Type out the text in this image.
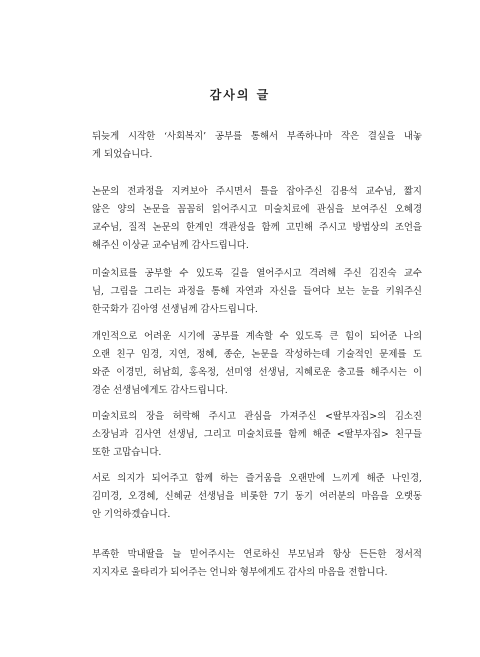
감사의 글
뒤늦게 시작한 ‘사회복지’ 공부를 통해서 부족하나마 작은 결실을 내놓
게 되었습니다.
논문의 전과정을 지켜보아 주시면서 틀을 잡아주신 김용석 교수님, 짧지
않은 양의 논문을 꼼꼼히 읽어주시고 미술치료에 관심을 보여주신 오혜경
교수님, 질적 논문의 한계인 객관성을 함께 고민해 주시고 방법상의 조언을
해주신 이상균 교수님께 감사드립니다.
미술치료를 공부할 수 있도록 길을 열어주시고 격려해 주신 김진숙 교수
님, 그림을 그리는 과정을 통해 자연과 자신을 들여다 보는 눈을 키워주신
한국화가 김아영 선생님께 감사드립니다.
개인적으로 어려운 시기에 공부를 계속할 수 있도록 큰 힘이 되어준 나의
오랜 친구 임경, 지연, 정혜, 종순, 논문을 작성하는데 기술적인 문제를 도
와준 이경민, 허남희, 홍옥정, 선미영 선생님, 지혜로운 충고를 해주시는 이
경순 선생님에게도 감사드립니다.
미술치료의 장을 허락해 주시고 관심을 가져주신 <딸부자집>의 김소진
소장님과 김사연 선생님, 그리고 미술치료를 함께 해준 <딸부자집> 친구들
또한 고맙습니다.
서로 의지가 되어주고 함께 하는 즐거움을 오랜만에 느끼게 해준 나인경,
김미경, 오경혜, 신혜균 선생님을 비롯한 7기 동기 여러분의 마음을 오랫동
안 기억하겠습니다.
부족한 막내딸을 늘 믿어주시는 연로하신 부모님과 항상 든든한 정서적
지지자로 울타리가 되어주는 언니와 형부에게도 감사의 마음을 전합니다.
